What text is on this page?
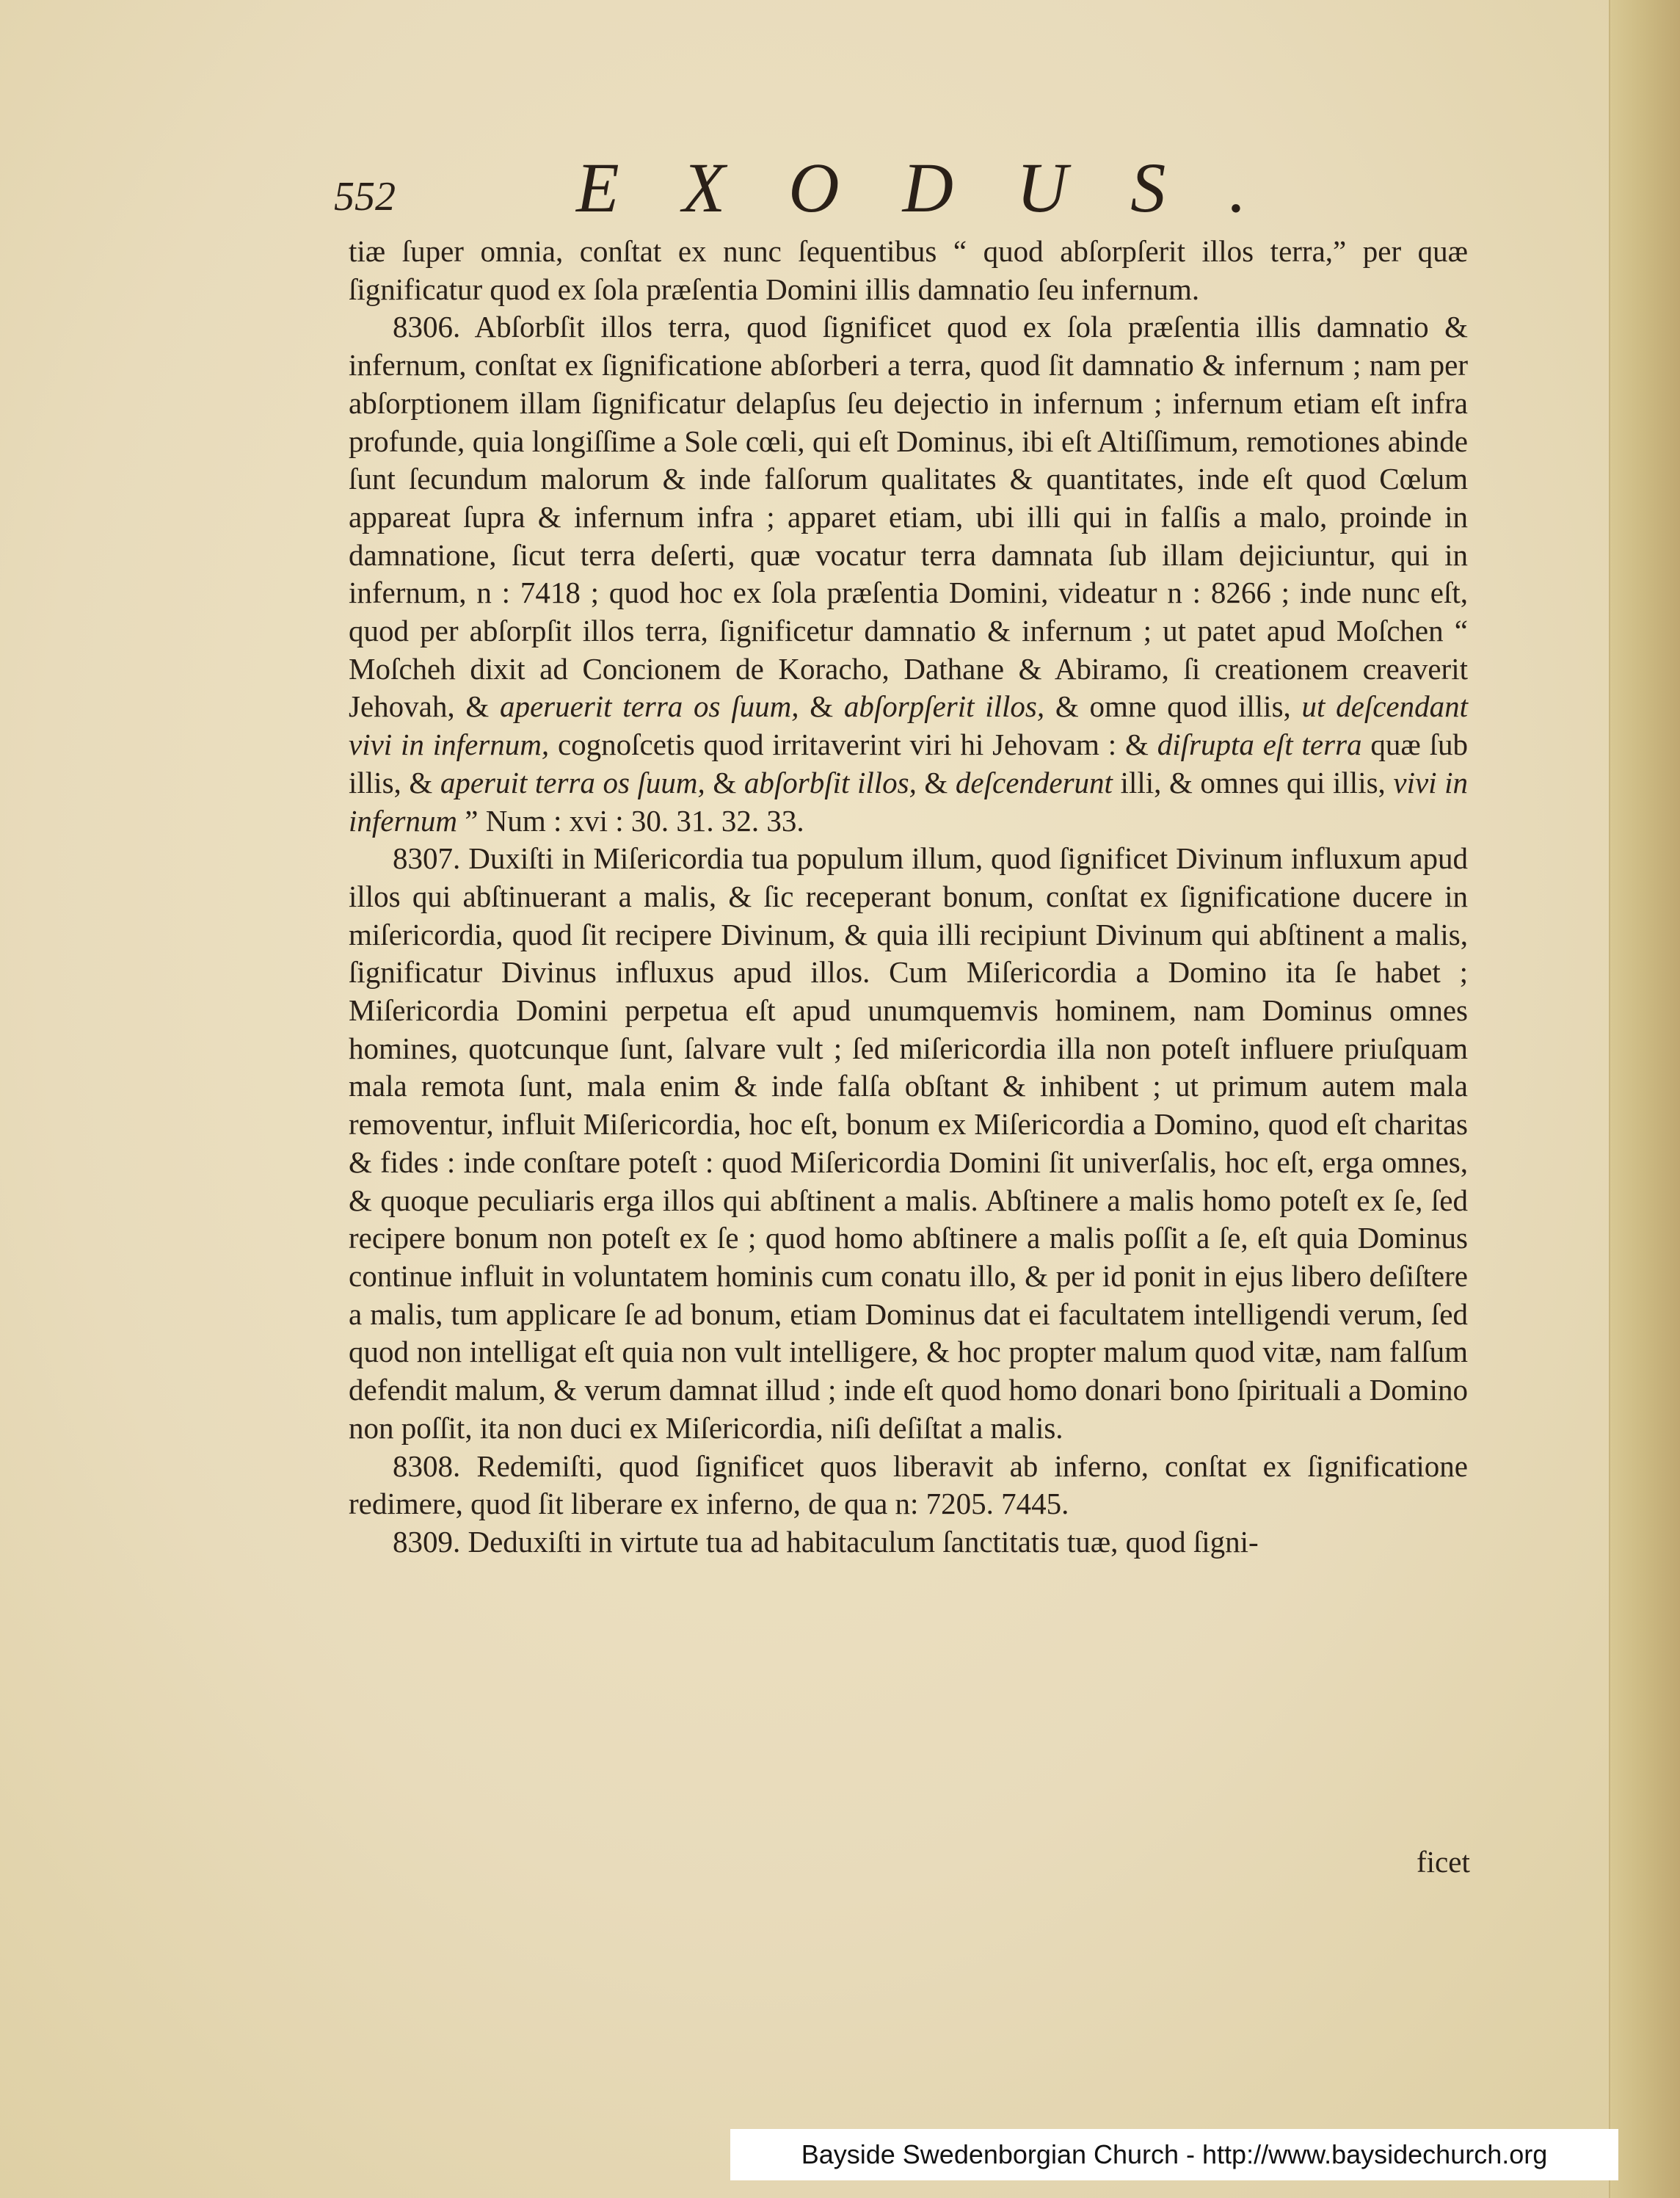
552	EXODUS.

tiæ ſuper omnia, conſtat ex nunc ſequentibus “ quod abſorpſerit illos terra,” per quæ ſignificatur quod ex ſola præſentia Domini illis damnatio ſeu infernum.

8306. Abſorbſit illos terra, quod ſignificet quod ex ſola præſentia illis damnatio & infernum, conſtat ex ſignificatione abſorberi a terra, quod ſit damnatio & infernum ; nam per abſorptionem illam ſignificatur delapſus ſeu dejectio in infernum ; infernum etiam eſt infra profunde, quia longiſſime a Sole cœli, qui eſt Dominus, ibi eſt Altiſſimum, remotiones abinde ſunt ſecundum malorum & inde falſorum qualitates & quantitates, inde eſt quod Cœlum appareat ſupra & infernum infra ; apparet etiam, ubi illi qui in falſis a malo, proinde in damnatione, ſicut terra deſerti, quæ vocatur terra damnata ſub illam dejiciuntur, qui in infernum, n : 7418 ; quod hoc ex ſola præſentia Domini, videatur n : 8266 ; inde nunc eſt, quod per abſorpſit illos terra, ſignificetur damnatio & infernum ; ut patet apud Moſchen “ Moſcheh dixit ad Concionem de Koracho, Dathane & Abiramo, ſi creationem creaverit Jehovah, & aperuerit terra os ſuum, & abſorpſerit illos, & omne quod illis, ut deſcendant vivi in infernum, cognoſcetis quod irritaverint viri hi Jehovam : & diſrupta eſt terra quæ ſub illis, & aperuit terra os ſuum, & abſorbſit illos, & deſcenderunt illi, & omnes qui illis, vivi in infernum ” Num : xvi : 30. 31. 32. 33.

8307. Duxiſti in Miſericordia tua populum illum, quod ſignificet Divinum influxum apud illos qui abſtinuerant a malis, & ſic receperant bonum, conſtat ex ſignificatione ducere in miſericordia, quod ſit recipere Divinum, & quia illi recipiunt Divinum qui abſtinent a malis, ſignificatur Divinus influxus apud illos. Cum Miſericordia a Domino ita ſe habet ; Miſericordia Domini perpetua eſt apud unumquemvis hominem, nam Dominus omnes homines, quotcunque ſunt, ſalvare vult ; ſed miſericordia illa non poteſt influere priuſquam mala remota ſunt, mala enim & inde falſa obſtant & inhibent ; ut primum autem mala removentur, influit Miſericordia, hoc eſt, bonum ex Miſericordia a Domino, quod eſt charitas & fides : inde conſtare poteſt : quod Miſericordia Domini ſit univerſalis, hoc eſt, erga omnes, & quoque peculiaris erga illos qui abſtinent a malis. Abſtinere a malis homo poteſt ex ſe, ſed recipere bonum non poteſt ex ſe ; quod homo abſtinere a malis poſſit a ſe, eſt quia Dominus continue influit in voluntatem hominis cum conatu illo, & per id ponit in ejus libero deſiſtere a malis, tum applicare ſe ad bonum, etiam Dominus dat ei facultatem intelligendi verum, ſed quod non intelligat eſt quia non vult intelligere, & hoc propter malum quod vitæ, nam falſum defendit malum, & verum damnat illud ; inde eſt quod homo donari bono ſpirituali a Domino non poſſit, ita non duci ex Miſericordia, niſi deſiſtat a malis.

8308. Redemiſti, quod ſignificet quos liberavit ab inferno, conſtat ex ſignificatione redimere, quod ſit liberare ex inferno, de qua n: 7205. 7445.

8309. Deduxiſti in virtute tua ad habitaculum ſanctitatis tuæ, quod ſigni-

ficet
Bayside Swedenborgian Church - http://www.baysidechurch.org
